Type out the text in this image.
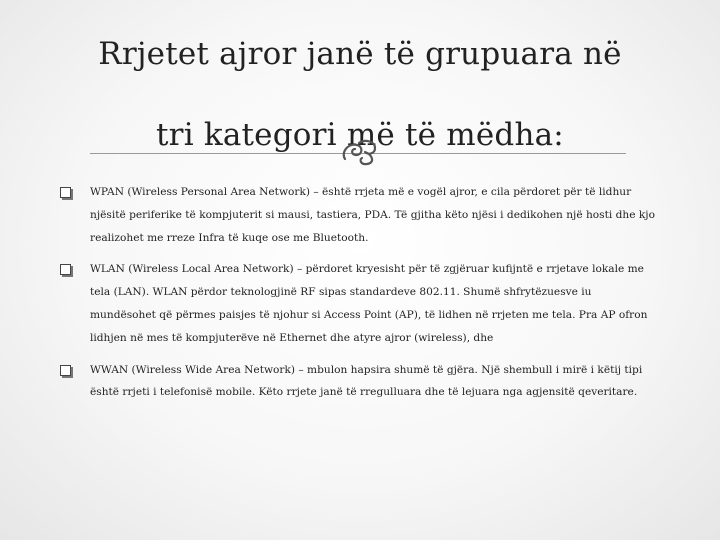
Rrjetet ajror janë të grupuara në
tri kategori më të mëdha:

WPAN (Wireless Personal Area Network) – është rrjeta më e vogël ajror, e cila përdoret për të lidhur njësitë periferike të kompjuterit si mausi, tastiera, PDA. Të gjitha këto njësi i dedikohen një hosti dhe kjo realizohet me rreze Infra të kuqe ose me Bluetooth.

WLAN (Wireless Local Area Network) – përdoret kryesisht për të zgjëruar kufijntë e rrjetave lokale me tela (LAN). WLAN përdor teknologjinë RF sipas standardeve 802.11. Shumë shfrytëzuesve iu mundësohet që përmes paisjes të njohur si Access Point (AP), të lidhen në rrjeten me tela. Pra AP ofron lidhjen në mes të kompjuterëve në Ethernet dhe atyre ajror (wireless), dhe

WWAN (Wireless Wide Area Network) – mbulon hapsira shumë të gjëra. Një shembull i mirë i këtij tipi është rrjeti i telefonisë mobile. Këto rrjete janë të rregulluara dhe të lejuara nga agjensitë qeveritare.
